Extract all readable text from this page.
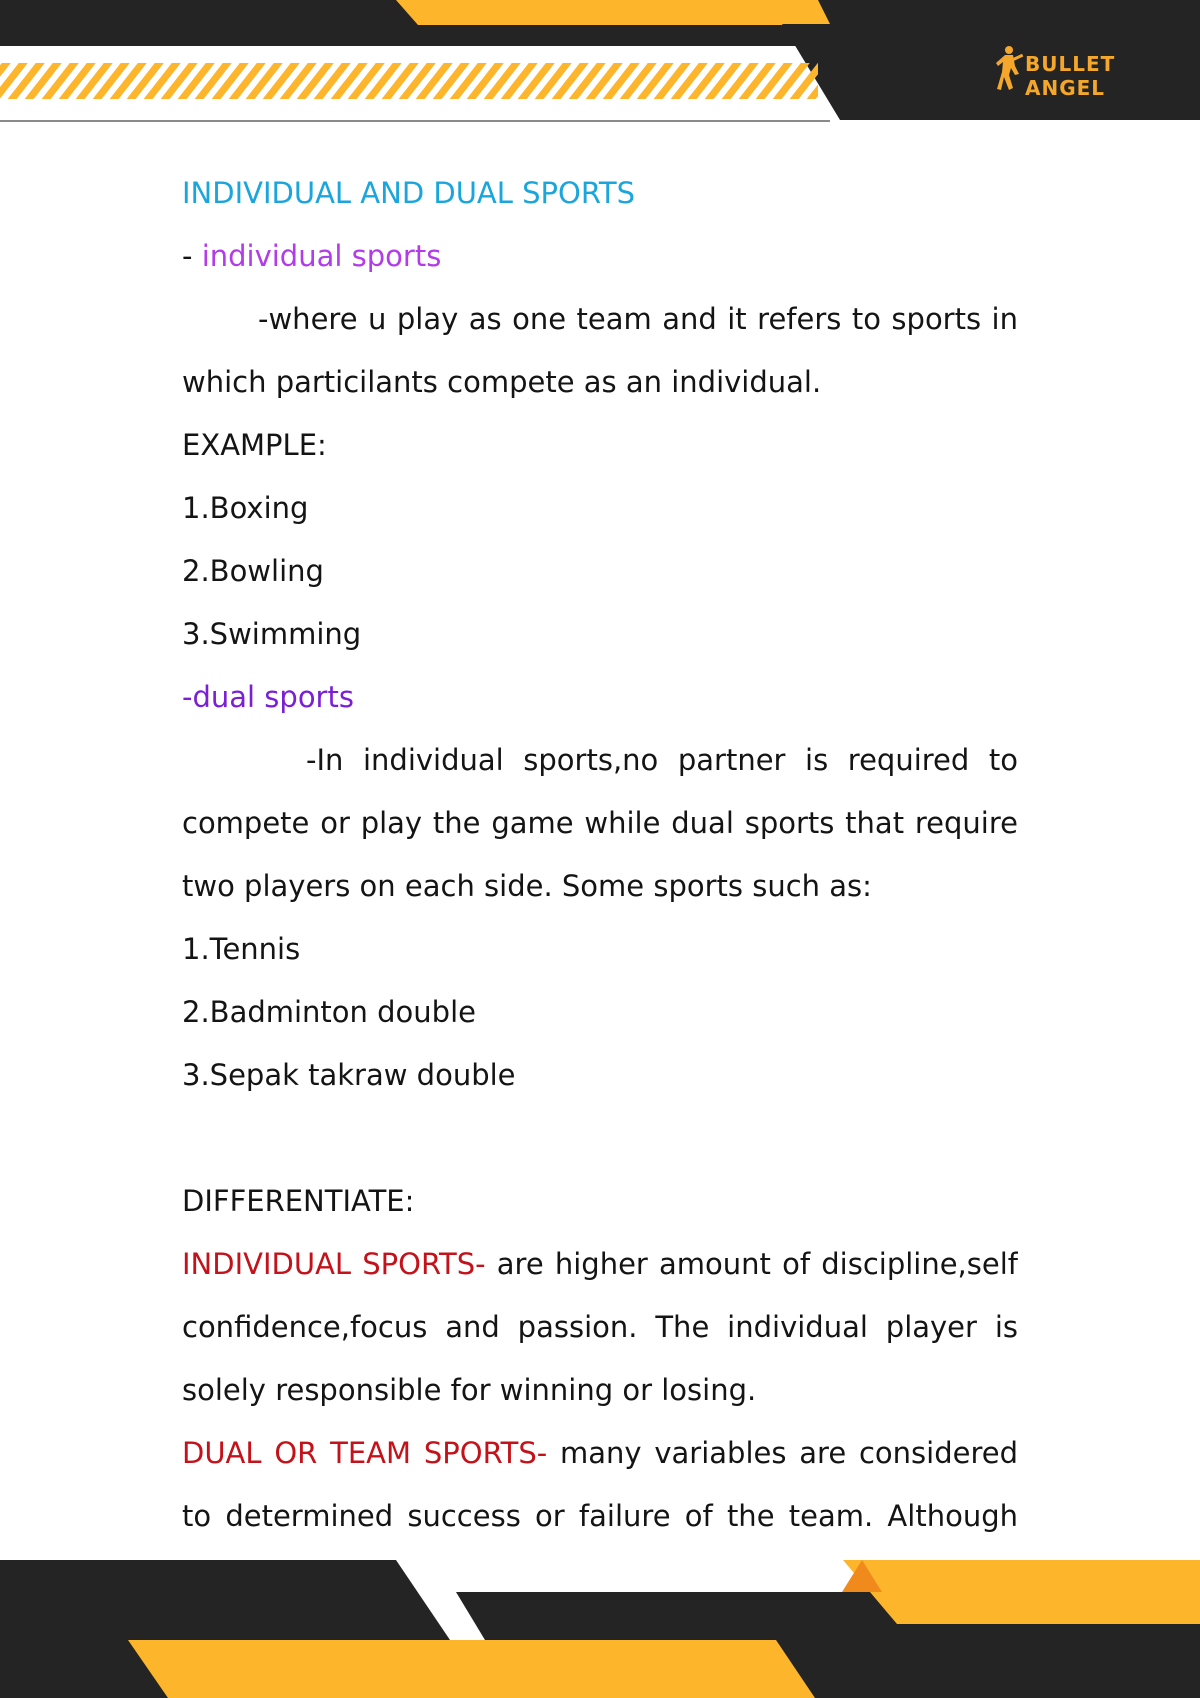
BULLET
ANGEL
INDIVIDUAL AND DUAL SPORTS
- individual sports
-where u play as one team and it refers to sports in
which particilants compete as an individual.
EXAMPLE:
1.Boxing
2.Bowling
3.Swimming
-dual sports
-In individual sports,no partner is required to
compete or play the game while dual sports that require
two players on each side. Some sports such as:
1.Tennis
2.Badminton double
3.Sepak takraw double
DIFFERENTIATE:
INDIVIDUAL SPORTS- are higher amount of discipline,self
confidence,focus and passion. The individual player is
solely responsible for winning or losing.
DUAL OR TEAM SPORTS- many variables are considered
to determined success or failure of the team. Although
